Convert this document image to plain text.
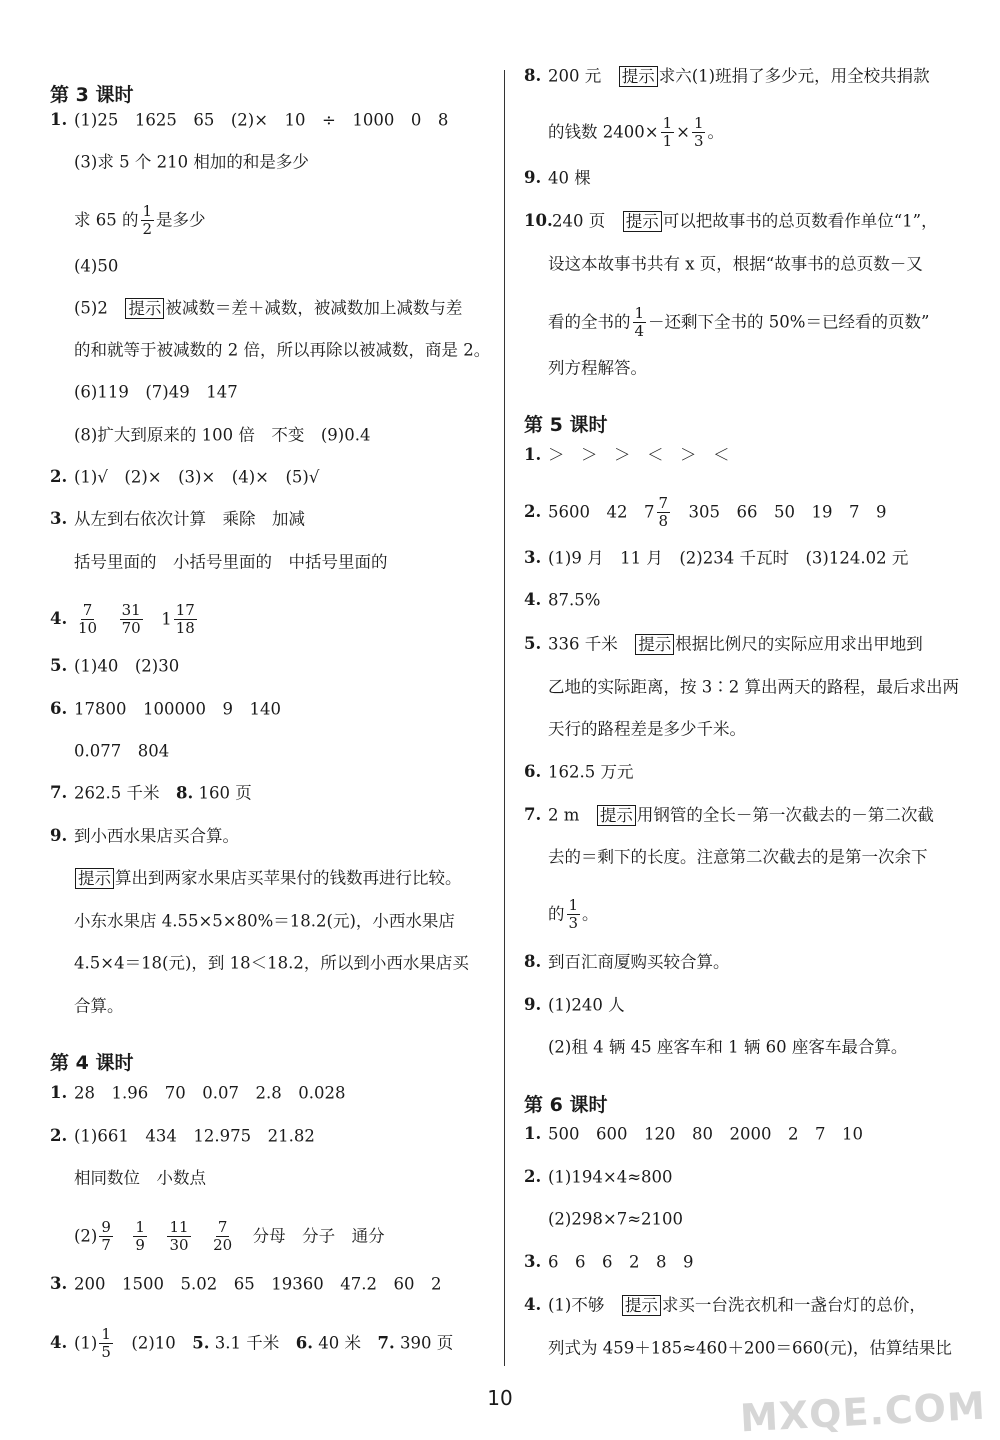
第 3 课时
1. (1)25　1625　65　(2)×　10　÷　1000　0　8
(3)求 5 个 210 相加的和是多少
求 65 的 $\frac{1}{2}$ 是多少
(4)50
(5)2　提示 被减数＝差＋减数，被减数加上减数与差
的和就等于被减数的 2 倍，所以再除以被减数，商是 2。
(6)119　(7)49　147
(8)扩大到原来的 100 倍　不变　(9)0.4
2. (1)√　(2)×　(3)×　(4)×　(5)√
3. 从左到右依次计算　乘除　加减
括号里面的　小括号里面的　中括号里面的
4. $\frac{7}{10}$
　 $\frac{31}{70}$ 　$1 \frac{17}{18}$
5. (1)40　(2)30
6. 17800　100000　9　140
0.077　804
7. 262.5 千米　8. 160 页
9. 到小西水果店买合算。
提示 算出到两家水果店买苹果付的钱数再进行比较。
小东水果店 4.55×5×80%＝18.2(元)，小西水果店
4.5×4＝18(元)，到 18＜18.2，所以到小西水果店买
合算。
第 4 课时
1. 28　1.96　70　0.07　2.8　0.028
2. (1)661　434　12.975　21.82
相同数位　小数点
$(2) \frac{9}{7}$
　 $\frac{1}{9}$
　 $\frac{11}{30}$
　 $\frac{7}{20}$ 　分母　分子　通分
3. 200　1500　5.02　65　19360　47.2　60　2
4. $(1) \frac{1}{5}$ 　(2)10　5. 3.1 千米　6. 40 米　7. 390 页
8. 200 元　提示 求六(1)班捐了多少元，用全校共捐款
的钱数 $2400\times \frac{1}{1} \times \frac{1}{3}$ 。
9. 40 棵
10.240 页　提示 可以把故事书的总页数看作单位“1”，
设这本故事书共有 x 页，根据“故事书的总页数－又
看的全书的 $\frac{1}{4}$ －还剩下全书的 50%＝已经看的页数”
列方程解答。
第 5 课时
1. ＞　＞　＞　＜　＞　＜
2. 5600　42　$7 \frac{7}{8}$ 　305　66　50　19　7　9
3. (1)9 月　11 月　(2)234 千瓦时　(3)124.02 元
4. 87.5%
5. 336 千米　提示 根据比例尺的实际应用求出甲地到
乙地的实际距离，按 3∶2 算出两天的路程，最后求出两
天行的路程差是多少千米。
6. 162.5 万元
7. 2 m　提示 用钢管的全长－第一次截去的－第二次截
去的＝剩下的长度。注意第二次截去的是第一次余下
的 $\frac{1}{3}$ 。
8. 到百汇商厦购买较合算。
9. (1)240 人
(2)租 4 辆 45 座客车和 1 辆 60 座客车最合算。
第 6 课时
1. 500　600　120　80　2000　2　7　10
2. (1)194×4≈800
(2)298×7≈2100
3. 6　6　6　2　8　9
4. (1)不够　提示 求买一台洗衣机和一盏台灯的总价，
列式为 459＋185≈460＋200＝660(元)，估算结果比
10	MXQE.COM
